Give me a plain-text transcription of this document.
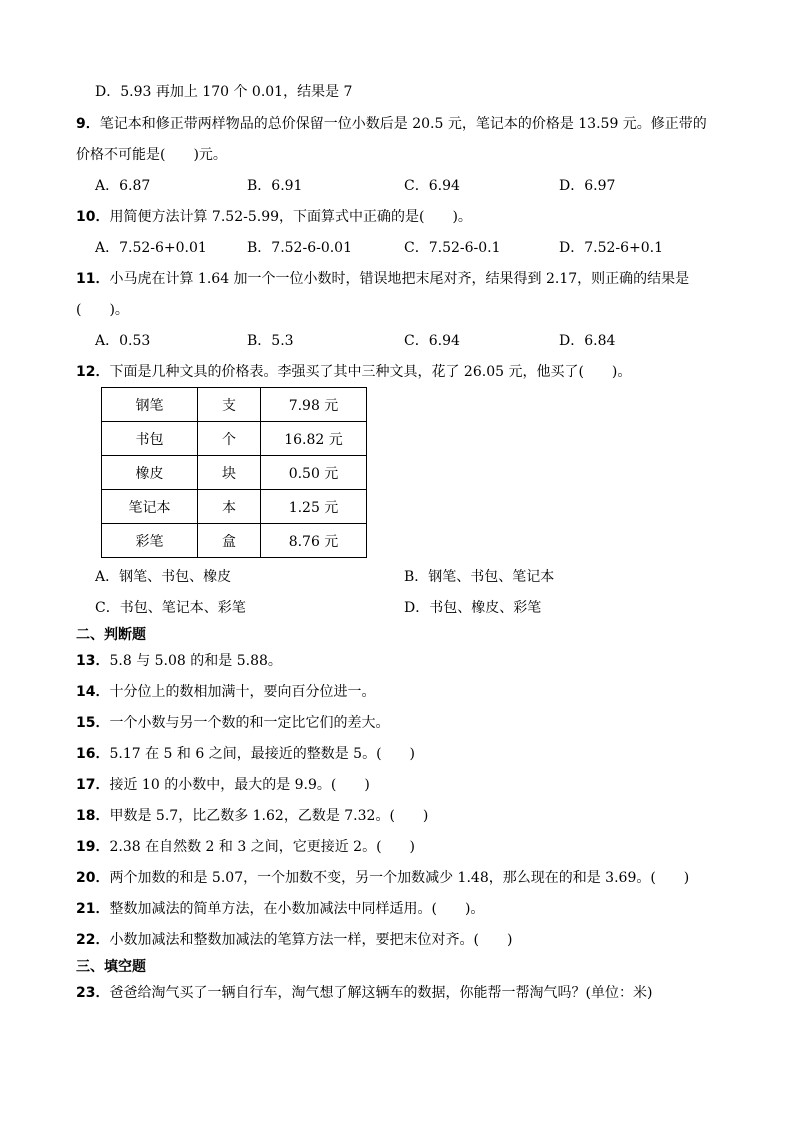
D．5.93 再加上 170 个 0.01，结果是 7
9．笔记本和修正带两样物品的总价保留一位小数后是 20.5 元，笔记本的价格是 13.59 元。修正带的
价格不可能是(　　)元。
A．6.87	B．6.91	C．6.94	D．6.97
10．用简便方法计算 7.52-5.99，下面算式中正确的是(　　)。
A．7.52-6+0.01	B．7.52-6-0.01	C．7.52-6-0.1	D．7.52-6+0.1
11．小马虎在计算 1.64 加一个一位小数时，错误地把末尾对齐，结果得到 2.17，则正确的结果是
(　　)。
A．0.53	B．5.3	C．6.94	D．6.84
12．下面是几种文具的价格表。李强买了其中三种文具，花了 26.05 元，他买了(　　)。
钢笔	支	7.98 元
书包	个	16.82 元
橡皮	块	0.50 元
笔记本	本	1.25 元
彩笔	盒	8.76 元
A．钢笔、书包、橡皮	B．钢笔、书包、笔记本
C．书包、笔记本、彩笔	D．书包、橡皮、彩笔
二、判断题
13．5.8 与 5.08 的和是 5.88。
14．十分位上的数相加满十，要向百分位进一。
15．一个小数与另一个数的和一定比它们的差大。
16．5.17 在 5 和 6 之间，最接近的整数是 5。(　　)
17．接近 10 的小数中，最大的是 9.9。(　　)
18．甲数是 5.7，比乙数多 1.62，乙数是 7.32。(　　)
19．2.38 在自然数 2 和 3 之间，它更接近 2。(　　)
20．两个加数的和是 5.07，一个加数不变，另一个加数减少 1.48，那么现在的和是 3.69。(　　)
21．整数加减法的简单方法，在小数加减法中同样适用。(　　)。
22．小数加减法和整数加减法的笔算方法一样，要把末位对齐。(　　)
三、填空题
23．爸爸给淘气买了一辆自行车，淘气想了解这辆车的数据，你能帮一帮淘气吗？(单位：米)
